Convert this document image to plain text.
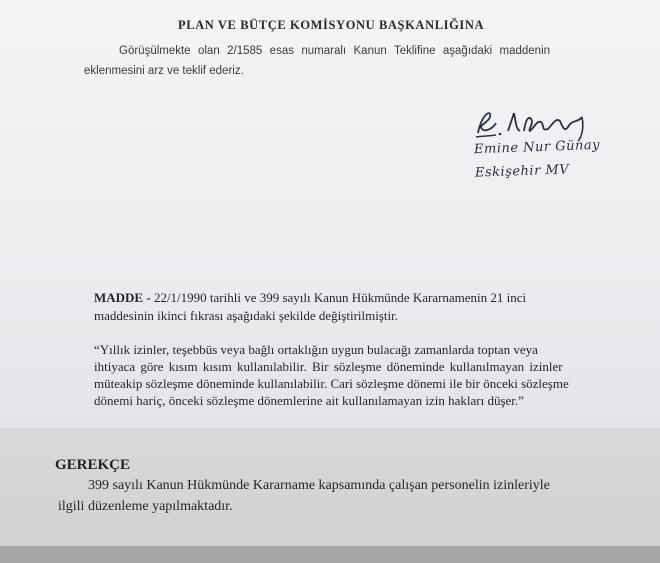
PLAN VE BÜTÇE KOMİSYONU BAŞKANLIĞINA
Görüşülmekte olan 2/1585 esas numaralı Kanun Teklifine aşağıdaki maddenin
eklenmesini arz ve teklif ederiz.
Emine Nur Günay
Eskişehir MV
MADDE - 22/1/1990 tarihli ve 399 sayılı Kanun Hükmünde Kararnamenin 21 inci
maddesinin ikinci fıkrası aşağıdaki şekilde değiştirilmiştir.
“Yıllık izinler, teşebbüs veya bağlı ortaklığın uygun bulacağı zamanlarda toptan veya
ihtiyaca göre kısım kısım kullanılabilir. Bir sözleşme döneminde kullanılmayan izinler
müteakip sözleşme döneminde kullanılabilir. Cari sözleşme dönemi ile bir önceki sözleşme
dönemi hariç, önceki sözleşme dönemlerine ait kullanılamayan izin hakları düşer.”
GEREKÇE
399 sayılı Kanun Hükmünde Kararname kapsamında çalışan personelin izinleriyle
ilgili düzenleme yapılmaktadır.
